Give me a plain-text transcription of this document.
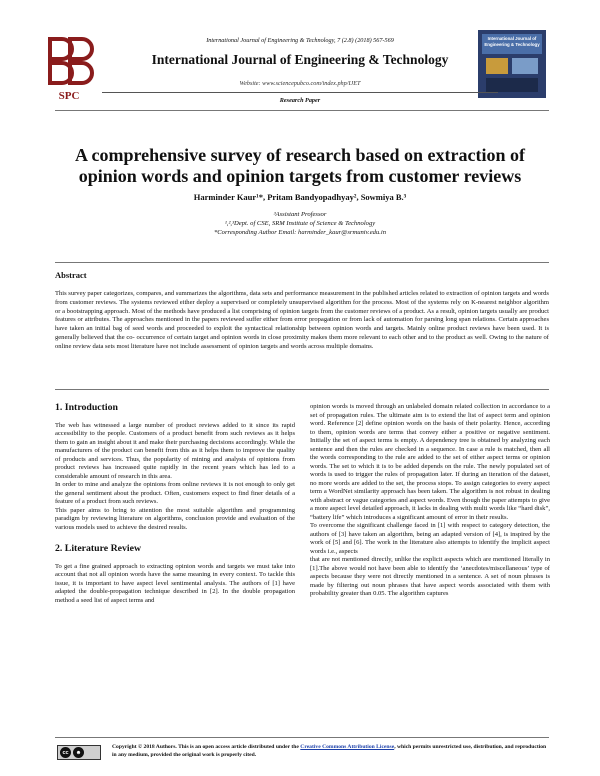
SPC
International Journal of Engineering & Technology
International Journal of Engineering & Technology, 7 (2.8) (2018) 567-569
International Journal of Engineering & Technology
Website: www.sciencepubco.com/index.php/IJET
Research Paper
A comprehensive survey of research based on extraction of opinion words and opinion targets from customer reviews
Harminder Kaur¹*, Pritam Bandyopadhyay², Sowmiya B.³
³Assistant Professor
¹,²,³Dept. of CSE, SRM Institute of Science & Technology
*Corresponding Author Email: harminder_kaur@srmuniv.edu.in
Abstract
This survey paper categorizes, compares, and summarizes the algorithms, data sets and performance measurement in the published articles related to extraction of opinion targets and words from customer reviews. The systems reviewed either deploy a supervised or completely unsupervised algorithm for the process. Most of the systems rely on K-nearest neighbor algorithm or a bootstrapping approach. Most of the methods have produced a list comprising of opinion targets from the customer reviews of a product. As a result, opinion targets usually are product features or attributes. The approaches mentioned in the papers reviewed suffer either from error propagation or from lack of automation for parsing long span relations. Certain approaches have taken an initial bag of seed words and proceeded to exploit the syntactical relationship between opinion words and targets. Mainly online product reviews have been used. It is generally believed that the co- occurrence of certain target and opinion words in close proximity makes them more relevant to each other and to the product as well. Owing to the nature of online review data sets most literature have not include assessment of opinion targets and words across multiple domains.
1. Introduction

The web has witnessed a large number of product reviews added to it since its rapid accessibility to the people. Customers of a product benefit from such reviews as it helps them to gain an insight about it and make their purchasing decisions accordingly. While the manufacturers of the product can benefit from this as it helps them to improve the quality of products and services. Thus, the popularity of mining and analysis of opinions from product reviews has increased quite rapidly in the recent years which has led to a considerable amount of research in this area.

In order to mine and analyze the opinions from online reviews it is not enough to only get the general sentiment about the product. Often, customers expect to find finer details of a feature of a product from such reviews.

This paper aims to bring to attention the most suitable algorithm and programming paradigm by reviewing literature on algorithms, conclusion provide and evaluation of the various models used to achieve the desired results.

2. Literature Review

To get a fine grained approach to extracting opinion words and targets we must take into account that not all opinion words have the same meaning in every context. To tackle this issue, it is important to have aspect level sentimental analysis. The authors of [1] have adapted the double-propagation technique described in [2]. In the double propagation method a seed list of aspect terms and

opinion words is moved through an unlabeled domain related collection in accordance to a set of propagation rules. The ultimate aim is to extend the list of aspect term and opinion word. Reference [2] define opinion words on the basis of their polarity. Hence, according to them, opinion words are terms that convey either a positive or negative sentiment. Initially the set of aspect terms is empty. A dependency tree is obtained by analyzing each sentence and then the rules are checked in a sequence. In case a rule is matched, then all the words corresponding to the rule are added to the set of either aspect terms or opinion words. The set to which it is to be added depends on the rule. The newly populated set of words is used to trigger the rules of propagation later. If during an iteration of the dataset, no more words are added to the set, the process stops. To assign categories to every aspect term a WordNet similarity approach has been taken. The algorithm is not robust in dealing with abstract or vague categories and aspect words. Even though the paper attempts to give a more aspect level detailed approach, it lacks in dealing with multi words like “hard disk”, “battery life” which introduces a significant amount of error in their results.

To overcome the significant challenge faced in [1] with respect to category detection, the authors of [3] have taken an algorithm, being an adapted version of [4], is inspired by the work of [5] and [6]. The work in the literature also attempts to identify the implicit aspect words i.e., aspects

that are not mentioned directly, unlike the explicit aspects which are mentioned literally in [1].The above would not have been able to identify the ‘anecdotes/miscellaneous’ type of aspects because they were not directly mentioned in a sentence. A set of noun phrases is made by filtering out noun phrases that have aspect words associated with them with probability greater than 0.05. The algorithm captures

cc	☻
Copyright © 2018 Authors. This is an open access article distributed under the Creative Commons Attribution License, which permits unrestricted use, distribution, and reproduction in any medium, provided the original work is properly cited.
